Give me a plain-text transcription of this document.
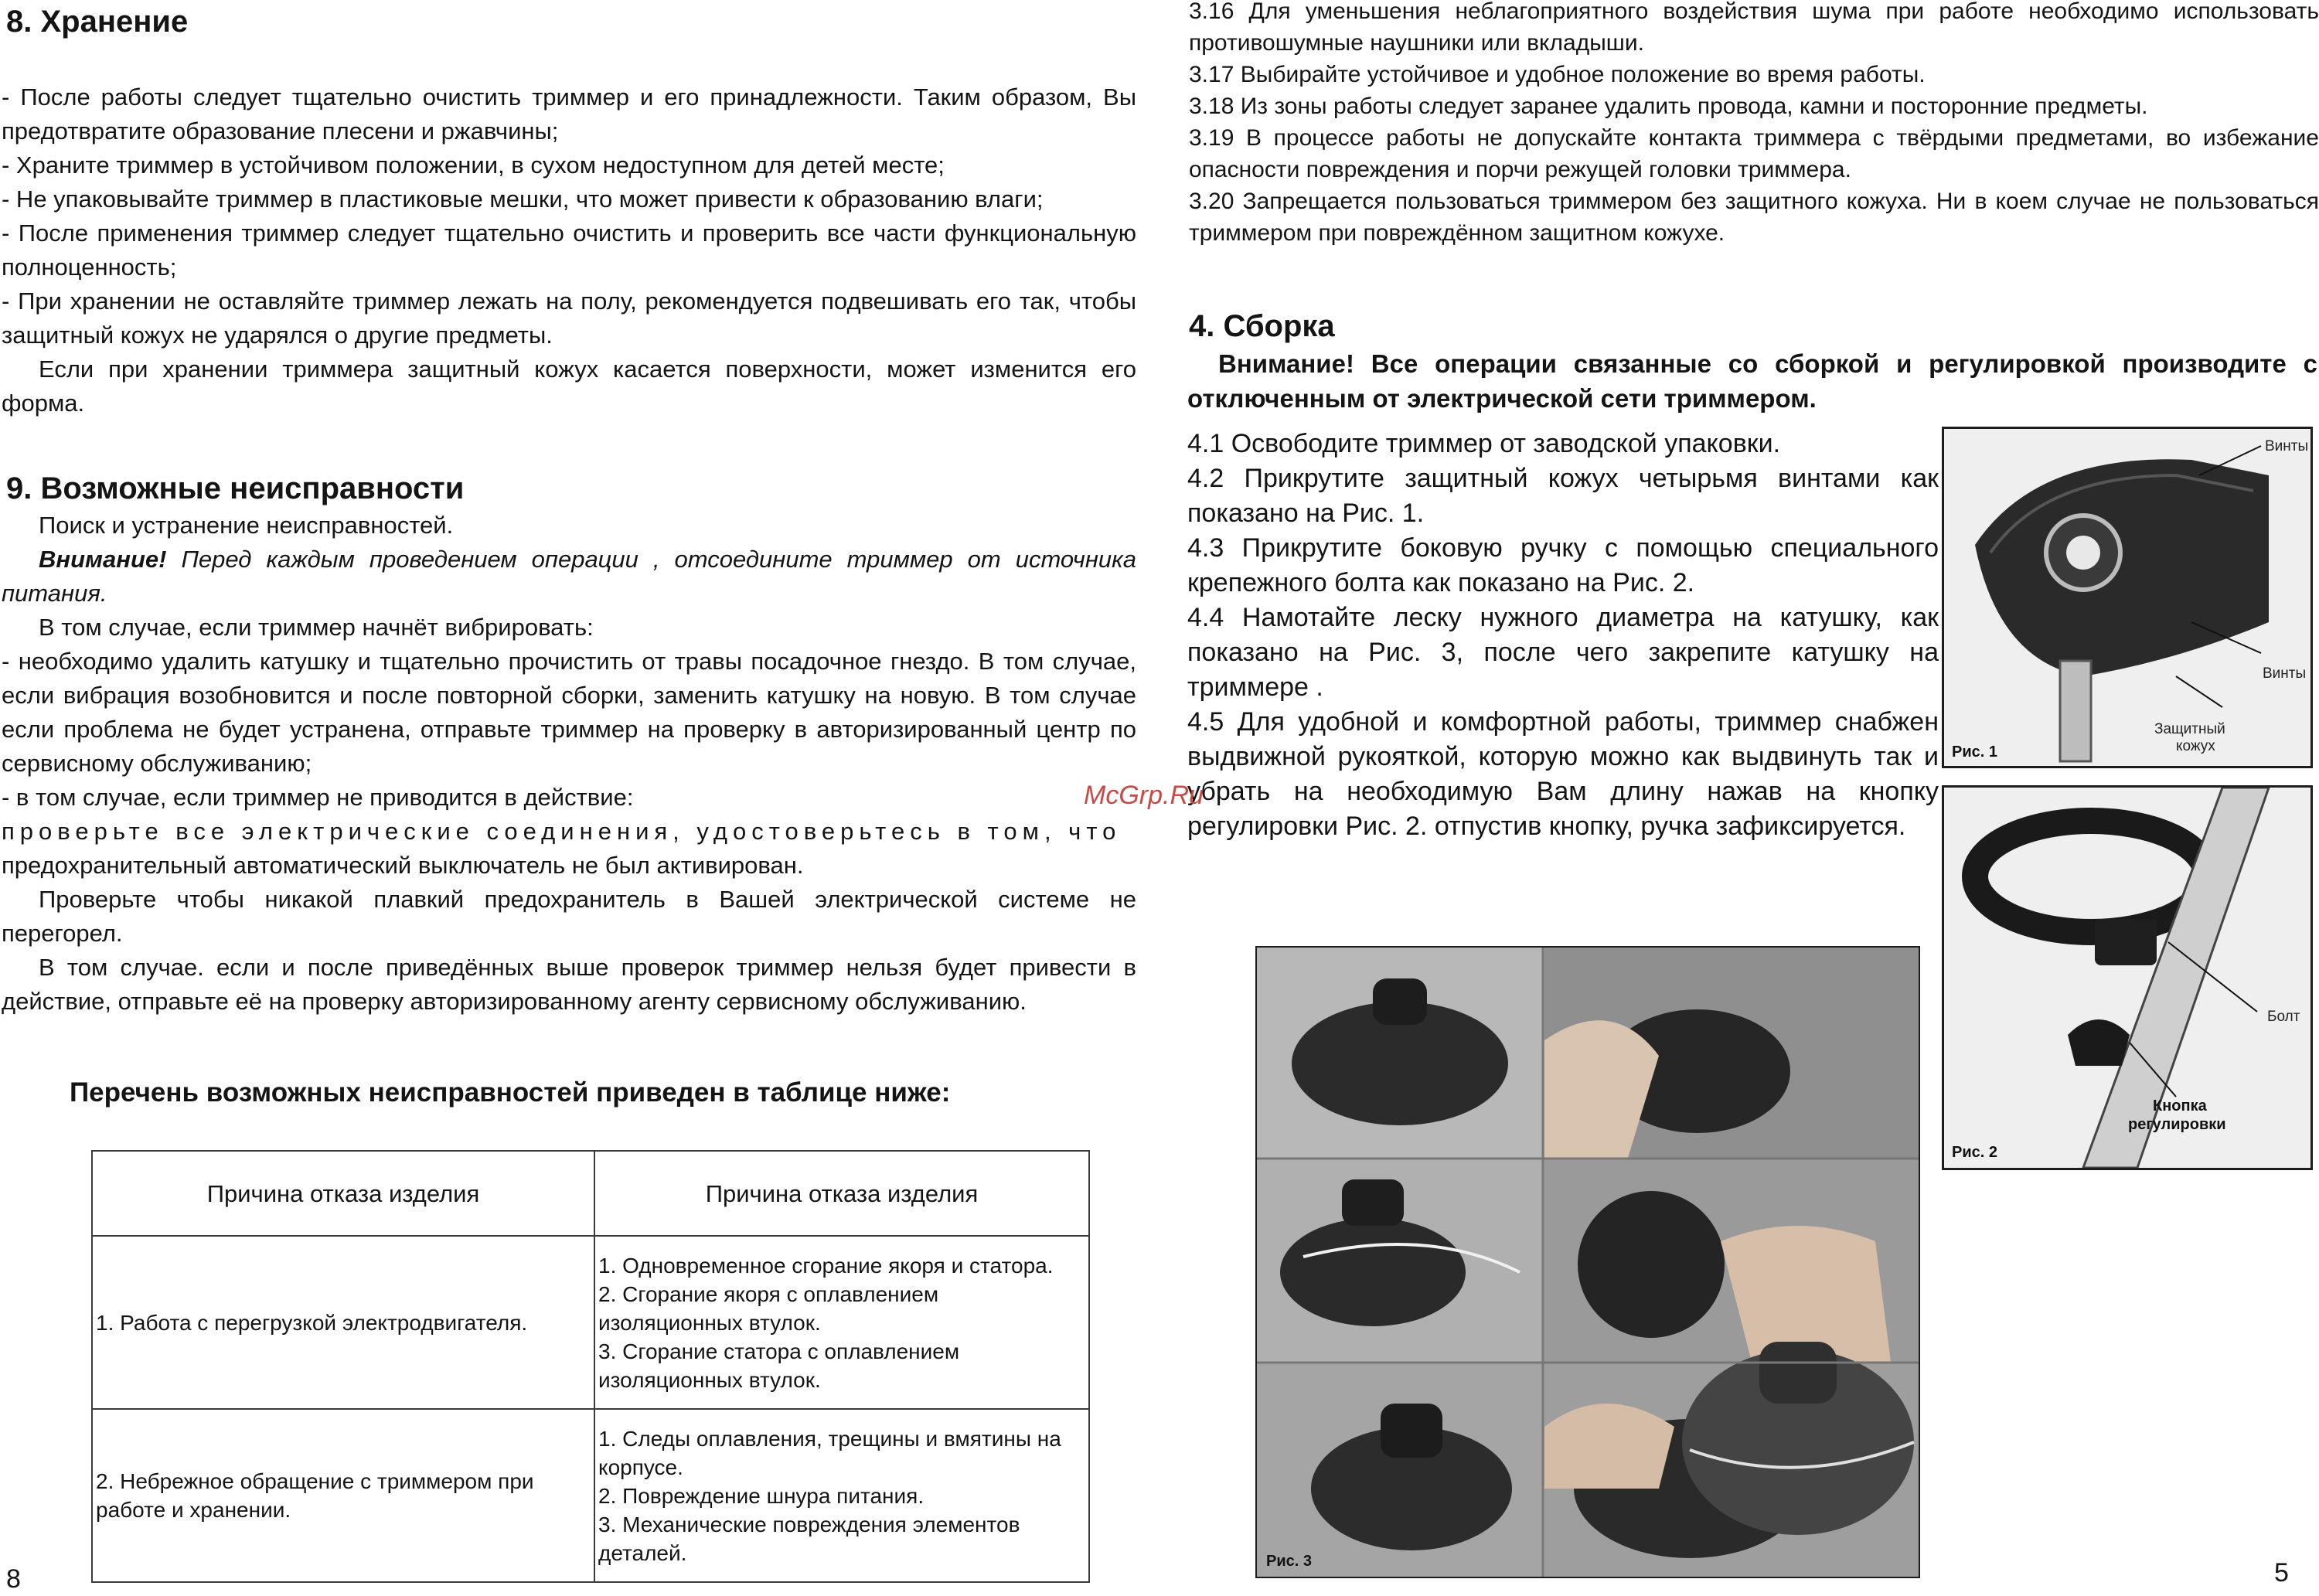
8. Хранение

- После работы следует тщательно очистить триммер и его принадлежности. Таким образом, Вы предотвратите образование плесени и ржавчины;

- Храните триммер в устойчивом положении, в сухом недоступном для детей месте;

- Не упаковывайте триммер в пластиковые мешки, что может привести к образованию влаги;

- После применения триммер следует тщательно очистить и проверить все части функциональную полноценность;

- При хранении не оставляйте триммер лежать на полу, рекомендуется подвешивать его так, чтобы защитный кожух не ударялся о другие предметы.

Если при хранении триммера защитный кожух касается поверхности, может изменится его форма.

9. Возможные неисправности

Поиск и устранение неисправностей.

Внимание! Перед каждым проведением операции , отсоедините триммер от источника питания.

В том случае, если триммер начнёт вибрировать:

- необходимо удалить катушку и тщательно прочистить от травы посадочное гнездо. В том случае, если вибрация возобновится и после повторной сборки, заменить катушку на новую. В том случае если проблема не будет устранена, отправьте триммер на проверку в авторизированный центр по сервисному обслуживанию;

- в том случае, если триммер не приводится в действие:

проверьте все электрические соединения, удостоверьтесь в том, что

предохранительный автоматический выключатель не был активирован.

Проверьте чтобы никакой плавкий предохранитель в Вашей электрической системе не перегорел.

В том случае. если и после приведённых выше проверок триммер нельзя будет привести в действие, отправьте её на проверку авторизированному агенту сервисному обслуживанию.

Перечень возможных неисправностей приведен в таблице ниже:
Причина отказа изделия	Причина отказа изделия
1. Работа с перегрузкой электродвигателя.	1. Одновременное сгорание якоря и статора.
2. Сгорание якоря с оплавлением изоляционных втулок.
3. Сгорание статора с оплавлением изоляционных втулок.

2. Небрежное обращение с триммером при работе и хранении.	1. Следы оплавления, трещины и вмятины на корпусе.
2. Повреждение шнура питания.
3. Механические повреждения элементов деталей.
8

3.16 Для уменьшения неблагоприятного воздействия шума при работе необходимо использовать противошумные наушники или вкладыши.

3.17 Выбирайте устойчивое и удобное положение во время работы.

3.18 Из зоны работы следует заранее удалить провода, камни и посторонние предметы.

3.19 В процессе работы не допускайте контакта триммера с твёрдыми предметами, во избежание опасности повреждения и порчи режущей головки триммера.

3.20 Запрещается пользоваться триммером без защитного кожуха. Ни в коем случае не пользоваться триммером при повреждённом защитном кожухе.

4. Сборка
Внимание! Все операции связанные со сборкой и регулировкой производите с отключенным от электрической сети триммером.

4.1 Освободите триммер от заводской упаковки.

4.2 Прикрутите защитный кожух четырьмя винтами как показано на Рис. 1.

4.3 Прикрутите боковую ручку с помощью специального крепежного болта как показано на Рис. 2.

4.4 Намотайте леску нужного диаметра на катушку, как показано на Рис. 3, после чего закрепите катушку на триммере .

4.5 Для удобной и комфортной работы, триммер снабжен выдвижной рукояткой, которую можно как выдвинуть так и убрать на необходимую Вам длину нажав на кнопку регулировки Рис. 2. отпустив кнопку, ручка зафиксируется.

Винты
Винты
Защитный
кожух
Рис. 1
Болт
Кнопка
регулировки
Рис. 2
Рис. 3	5
McGrp.Ru
